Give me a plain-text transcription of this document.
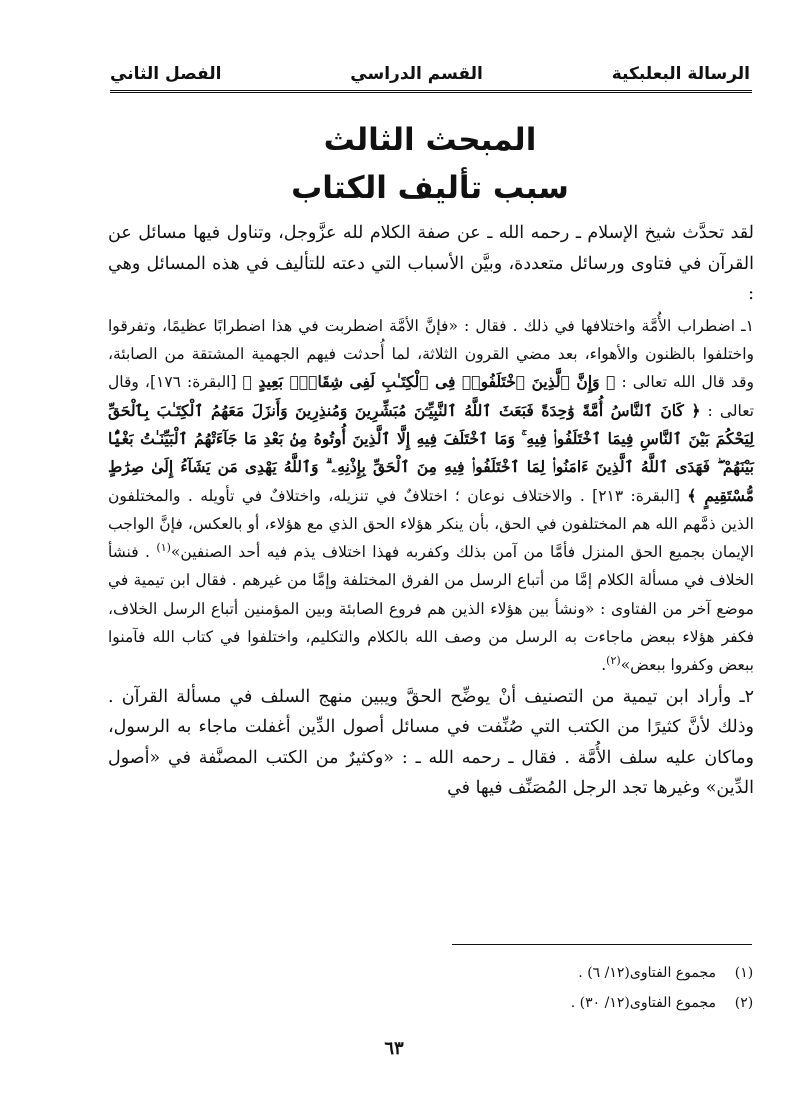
الرسالة البعلبكية
القسم الدراسي
الفصل الثاني
المبحث الثالث
سبب تأليف الكتاب

لقد تحدَّث شيخ الإسلام ـ رحمه الله ـ عن صفة الكلام لله عزَّوجل، وتناول فيها مسائل عن القرآن في فتاوى ورسائل متعددة، وبيَّن الأسباب التي دعته للتأليف في هذه المسائل وهي :

١ـ اضطراب الأُمَّة واختلافها في ذلك . فقال : «فإنَّ الأمَّة اضطربت في هذا اضطرابًا عظيمًا، وتفرقوا واختلفوا بالظنون والأهواء، بعد مضي القرون الثلاثة، لما أُحدثت فيهم الجهمية المشتقة من الصابئة، وقد قال الله تعالى : ﴿ وَإِنَّ ٱلَّذِينَ ٱخْتَلَفُوا۟ فِى ٱلْكِتَـٰبِ لَفِى شِقَاقٍۭ بَعِيدٍ ﴾ [البقرة: ١٧٦]، وقال تعالى : ﴿ كَانَ ٱلنَّاسُ أُمَّةً وَٰحِدَةً فَبَعَثَ ٱللَّهُ ٱلنَّبِيِّـۧنَ مُبَشِّرِينَ وَمُنذِرِينَ وَأَنزَلَ مَعَهُمُ ٱلْكِتَـٰبَ بِٱلْحَقِّ لِيَحْكُمَ بَيْنَ ٱلنَّاسِ فِيمَا ٱخْتَلَفُوا۟ فِيهِ ۚ وَمَا ٱخْتَلَفَ فِيهِ إِلَّا ٱلَّذِينَ أُوتُوهُ مِنۢ بَعْدِ مَا جَآءَتْهُمُ ٱلْبَيِّنَـٰتُ بَغْيًۢا بَيْنَهُمْ ۖ فَهَدَى ٱللَّهُ ٱلَّذِينَ ءَامَنُوا۟ لِمَا ٱخْتَلَفُوا۟ فِيهِ مِنَ ٱلْحَقِّ بِإِذْنِهِۦ ۗ وَٱللَّهُ يَهْدِى مَن يَشَآءُ إِلَىٰ صِرَٰطٍ مُّسْتَقِيمٍ ﴾ [البقرة: ٢١٣] . والاختلاف نوعان ؛ اختلافٌ في تنزيله، واختلافٌ في تأويله . والمختلفون الذين ذمَّهم الله هم المختلفون في الحق، بأن ينكر هؤلاء الحق الذي مع هؤلاء، أو بالعكس، فإنَّ الواجب الإيمان بجميع الحق المنزل فأمَّا من آمن بذلك وكفربه فهذا اختلاف يذم فيه أحد الصنفين»$^{(١)}$ . فنشأ الخلاف في مسألة الكلام إمَّا من أتباع الرسل من الفرق المختلفة وإمَّا من غيرهم . فقال ابن تيمية في موضع آخر من الفتاوى : «ونشأ بين هؤلاء الذين هم فروع الصابئة وبين المؤمنين أتباع الرسل الخلاف، فكفر هؤلاء ببعض ماجاءت به الرسل من وصف الله بالكلام والتكليم، واختلفوا في كتاب الله فآمنوا ببعض وكفروا ببعض»$^{(٢)}$.

٢ـ وأراد ابن تيمية من التصنيف أنْ يوضِّح الحقَّ ويبين منهج السلف في مسألة القرآن . وذلك لأنَّ كثيرًا من الكتب التي صُنِّفت في مسائل أصول الدِّين أغفلت ماجاء به الرسول، وماكان عليه سلف الأُمَّة . فقال ـ رحمه الله ـ : «وكثيرٌ من الكتب المصنَّفة في «أصول الدِّين» وغيرها تجد الرجل المُصَنِّف فيها في

(١)
مجموع الفتاوى(١٢/ ٦) .
(٢)
مجموع الفتاوى(١٢/ ٣٠) .
٦٣
